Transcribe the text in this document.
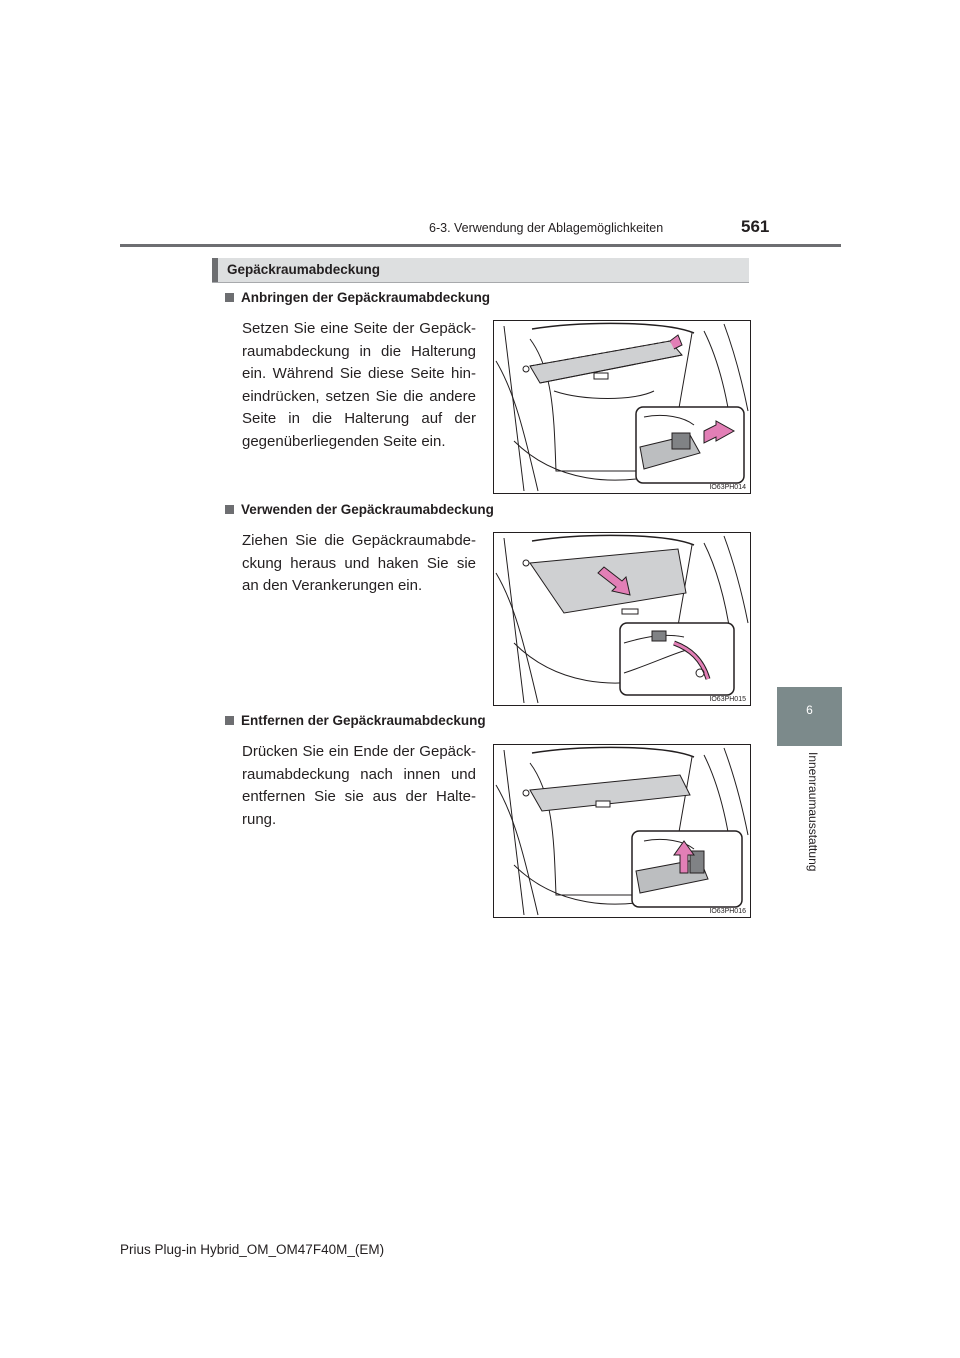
6-3. Verwendung der Ablagemöglichkeiten	561
6
Innenraumausstattung
Gepäckraumabdeckung
Anbringen der Gepäckraumabdeckung
Setzen Sie eine Seite der Gepäck-raumabdeckung in die Halterung ein. Während Sie diese Seite hin-eindrücken, setzen Sie die andere Seite in die Halterung auf der gegenüberliegenden Seite ein.
IO63PH014
Verwenden der Gepäckraumabdeckung
Ziehen Sie die Gepäckraumabde-ckung heraus und haken Sie sie an den Verankerungen ein.
IO63PH015
Entfernen der Gepäckraumabdeckung
Drücken Sie ein Ende der Gepäck-raumabdeckung nach innen und entfernen Sie sie aus der Halte-rung.
IO63PH016
Prius Plug-in Hybrid_OM_OM47F40M_(EM)
